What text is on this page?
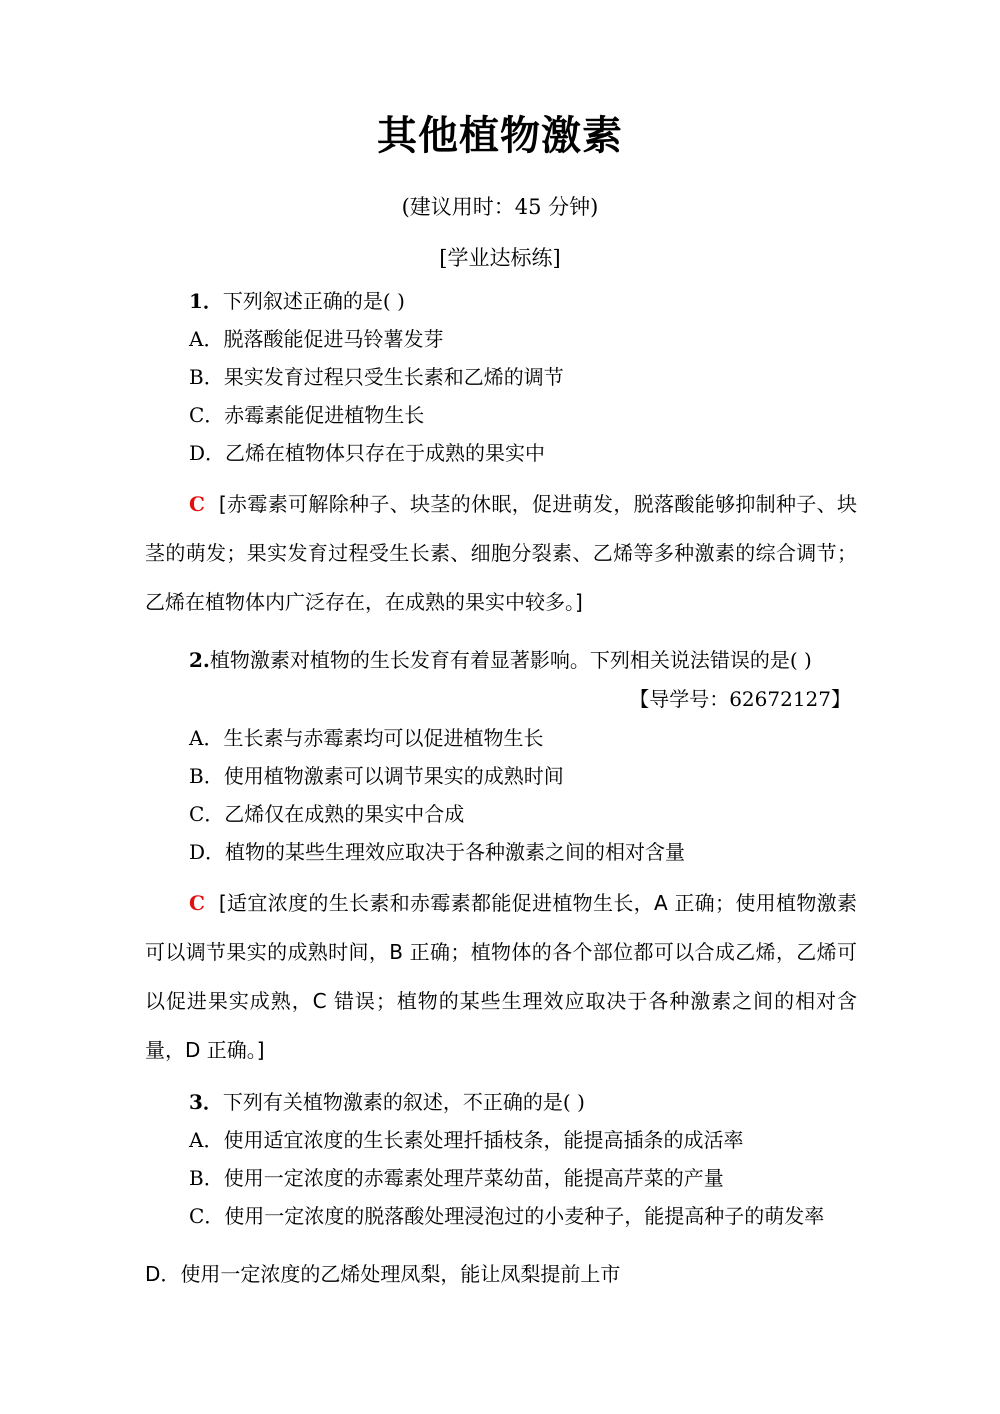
其他植物激素
(建议用时：45 分钟)
[学业达标练]

1．下列叙述正确的是( )

A．脱落酸能促进马铃薯发芽

B．果实发育过程只受生长素和乙烯的调节

C．赤霉素能促进植物生长

D．乙烯在植物体只存在于成熟的果实中

C [赤霉素可解除种子、块茎的休眠，促进萌发，脱落酸能够抑制种子、块茎的萌发；果实发育过程受生长素、细胞分裂素、乙烯等多种激素的综合调节；乙烯在植物体内广泛存在，在成熟的果实中较多。]

2.植物激素对植物的生长发育有着显著影响。下列相关说法错误的是( )

【导学号：62672127】

A．生长素与赤霉素均可以促进植物生长

B．使用植物激素可以调节果实的成熟时间

C．乙烯仅在成熟的果实中合成

D．植物的某些生理效应取决于各种激素之间的相对含量

C [适宜浓度的生长素和赤霉素都能促进植物生长，A 正确；使用植物激素可以调节果实的成熟时间，B 正确；植物体的各个部位都可以合成乙烯，乙烯可以促进果实成熟，C 错误；植物的某些生理效应取决于各种激素之间的相对含量，D 正确。]

3．下列有关植物激素的叙述，不正确的是( )

A．使用适宜浓度的生长素处理扦插枝条，能提高插条的成活率

B．使用一定浓度的赤霉素处理芹菜幼苗，能提高芹菜的产量

C．使用一定浓度的脱落酸处理浸泡过的小麦种子，能提高种子的萌发率

D．使用一定浓度的乙烯处理凤梨，能让凤梨提前上市
